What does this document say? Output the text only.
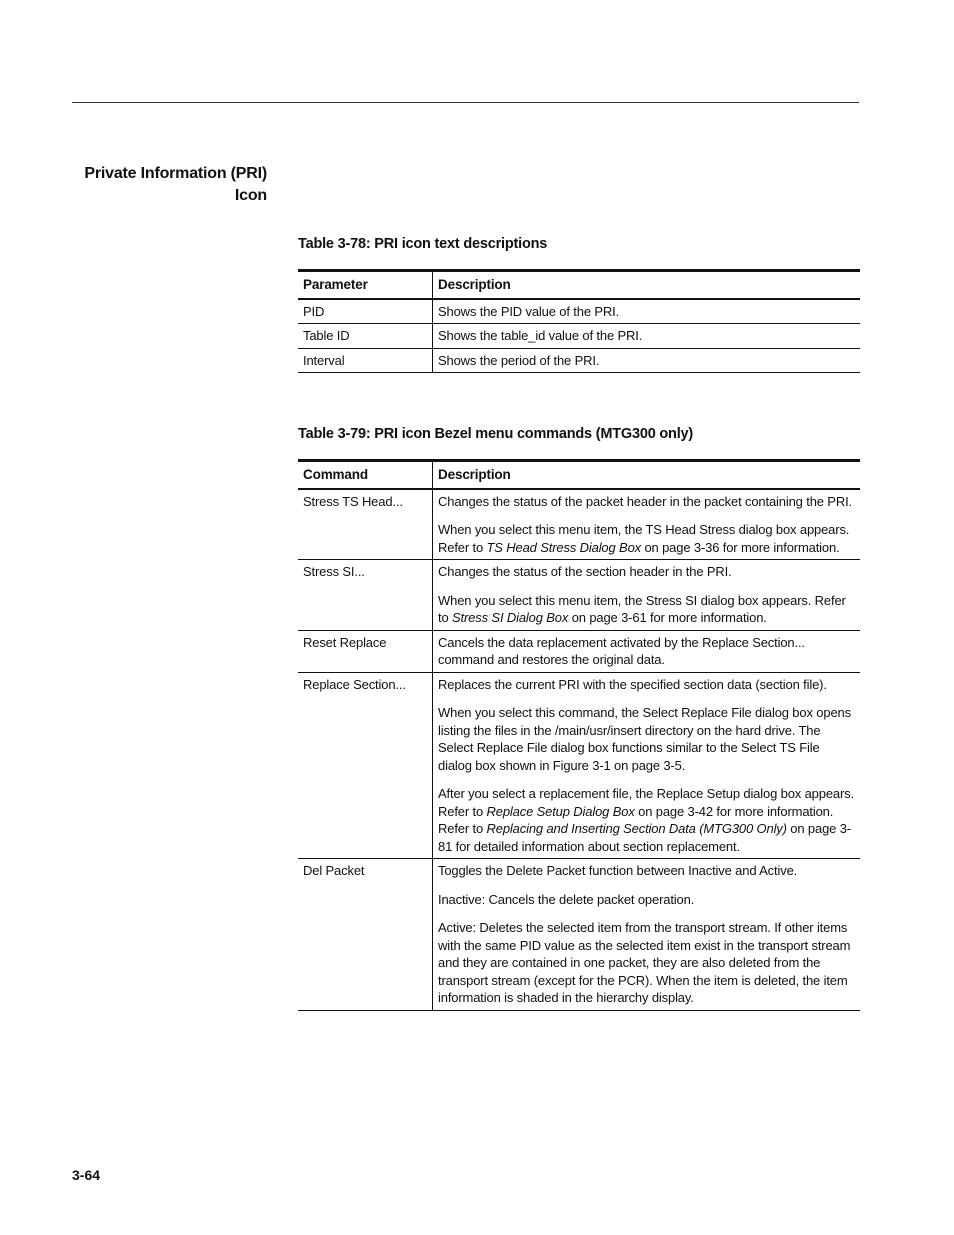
Private Information (PRI)
Icon
Table 3-78: PRI icon text descriptions
Parameter	Description
PID	Shows the PID value of the PRI.
Table ID	Shows the table_id value of the PRI.
Interval	Shows the period of the PRI.
Table 3-79: PRI icon Bezel menu commands (MTG300 only)
Command	Description
Stress TS Head...	Changes the status of the packet header in the packet containing the PRI.

When you select this menu item, the TS Head Stress dialog box appears. Refer to TS Head Stress Dialog Box on page 3-36 for more information.

Stress SI...	Changes the status of the section header in the PRI.

When you select this menu item, the Stress SI dialog box appears. Refer to Stress SI Dialog Box on page 3-61 for more information.

Reset Replace	Cancels the data replacement activated by the Replace Section... command and restores the original data.

Replace Section...	Replaces the current PRI with the specified section data (section file).

When you select this command, the Select Replace File dialog box opens listing the files in the /main/usr/insert directory on the hard drive. The Select Replace File dialog box functions similar to the Select TS File dialog box shown in Figure 3-1 on page 3-5.

After you select a replacement file, the Replace Setup dialog box appears. Refer to Replace Setup Dialog Box on page 3-42 for more information. Refer to Replacing and Inserting Section Data (MTG300 Only) on page 3-81 for detailed information about section replacement.

Del Packet	Toggles the Delete Packet function between Inactive and Active.

Inactive: Cancels the delete packet operation.

Active: Deletes the selected item from the transport stream. If other items with the same PID value as the selected item exist in the transport stream and they are contained in one packet, they are also deleted from the transport stream (except for the PCR). When the item is deleted, the item information is shaded in the hierarchy display.

3-64
